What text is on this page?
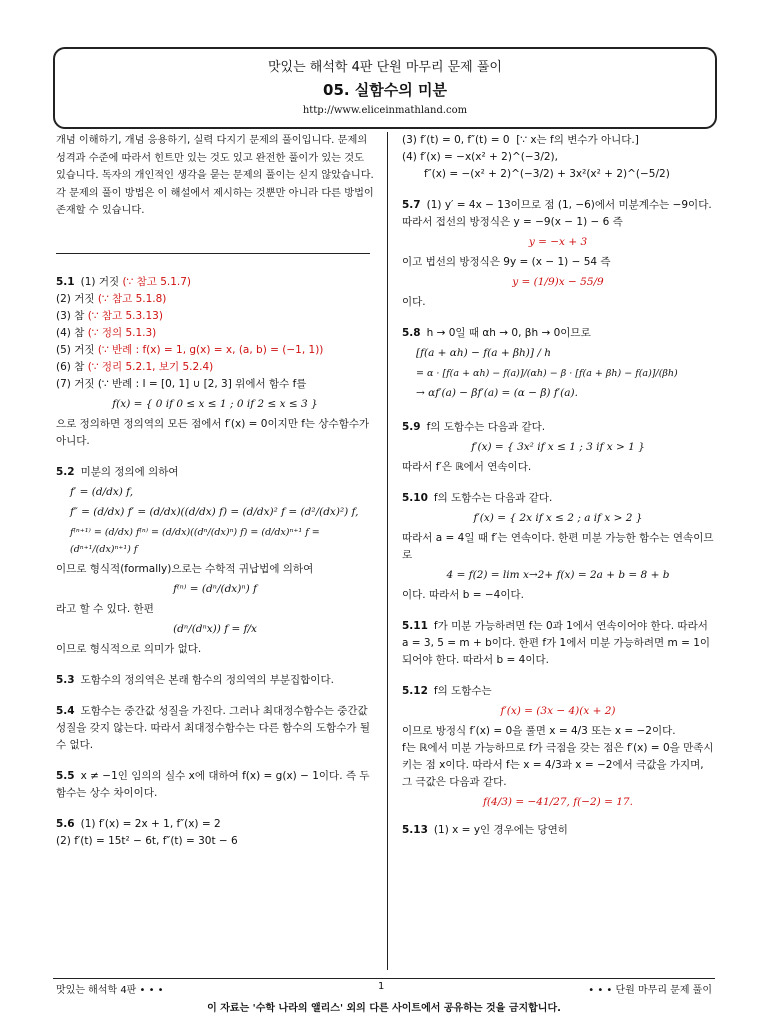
맛있는 해석학 4판 단원 마무리 문제 풀이
05. 실함수의 미분
http://www.eliceinmathland.com
개념 이해하기, 개념 응용하기, 실력 다지기 문제의 풀이입니다. 문제의 성격과 수준에 따라서 힌트만 있는 것도 있고 완전한 풀이가 있는 것도 있습니다. 독자의 개인적인 생각을 묻는 문제의 풀이는 싣지 않았습니다. 각 문제의 풀이 방법은 이 해설에서 제시하는 것뿐만 아니라 다른 방법이 존재할 수 있습니다.
5.1 (1) 거짓 (∵ 참고 5.1.7)
(2) 거짓 (∵ 참고 5.1.8)
(3) 참 (∵ 참고 5.3.13)
(4) 참 (∵ 정의 5.1.3)
(5) 거짓 (∵ 반례 : f(x) = 1, g(x) = x, (a, b) = (−1, 1))
(6) 참 (∵ 정리 5.2.1, 보기 5.2.4)
(7) 거짓 (∵ 반례 : I = [0, 1] ∪ [2, 3] 위에서 함수 f를
f(x) = { 0 if 0 ≤ x ≤ 1 ; 0 if 2 ≤ x ≤ 3 }
으로 정의하면 정의역의 모든 점에서 f′(x) = 0이지만 f는 상수함수가 아니다.
5.2 미분의 정의에 의하여
f′ = (d/dx) f,
f″ = (d/dx) f′ = (d/dx)((d/dx) f) = (d/dx)² f = (d²/(dx)²) f,
f⁽ⁿ⁺¹⁾ = (d/dx) f⁽ⁿ⁾ = (d/dx)((dⁿ/(dx)ⁿ) f) = (d/dx)ⁿ⁺¹ f = (dⁿ⁺¹/(dx)ⁿ⁺¹) f
이므로 형식적(formally)으로는 수학적 귀납법에 의하여
f⁽ⁿ⁾ = (dⁿ/(dx)ⁿ) f
라고 할 수 있다. 한편
(dⁿ/(dⁿx)) f = f/x
이므로 형식적으로 의미가 없다.
5.3 도함수의 정의역은 본래 함수의 정의역의 부분집합이다.
5.4 도함수는 중간값 성질을 가진다. 그러나 최대정수함수는 중간값 성질을 갖지 않는다. 따라서 최대정수함수는 다른 함수의 도함수가 될 수 없다.
5.5 x ≠ −1인 임의의 실수 x에 대하여 f(x) = g(x) − 1이다. 즉 두 함수는 상수 차이이다.
5.6 (1) f′(x) = 2x + 1, f″(x) = 2
(2) f′(t) = 15t² − 6t, f″(t) = 30t − 6
(3) f′(t) = 0, f″(t) = 0 [∵ x는 f의 변수가 아니다.]
(4) f′(x) = −x(x² + 2)^(−3/2),
f″(x) = −(x² + 2)^(−3/2) + 3x²(x² + 2)^(−5/2)
5.7 (1) y′ = 4x − 13이므로 점 (1, −6)에서 미분계수는 −9이다. 따라서 접선의 방정식은 y = −9(x − 1) − 6 즉
y = −x + 3
이고 법선의 방정식은 9y = (x − 1) − 54 즉
y = (1/9)x − 55/9
이다.
5.8 h → 0일 때 αh → 0, βh → 0이므로
[f(a + αh) − f(a + βh)] / h
= α · [f(a + αh) − f(a)]/(αh) − β · [f(a + βh) − f(a)]/(βh)
→ αf′(a) − βf′(a) = (α − β) f′(a).
5.9 f의 도함수는 다음과 같다.
f′(x) = { 3x² if x ≤ 1 ; 3 if x > 1 }
따라서 f′은 ℝ에서 연속이다.
5.10 f의 도함수는 다음과 같다.
f′(x) = { 2x if x ≤ 2 ; a if x > 2 }
따라서 a = 4일 때 f′는 연속이다. 한편 미분 가능한 함수는 연속이므로
4 = f(2) = lim x→2+ f(x) = 2a + b = 8 + b
이다. 따라서 b = −4이다.
5.11 f가 미분 가능하려면 f는 0과 1에서 연속이어야 한다. 따라서 a = 3, 5 = m + b이다. 한편 f가 1에서 미분 가능하려면 m = 1이 되어야 한다. 따라서 b = 4이다.
5.12 f의 도함수는
f′(x) = (3x − 4)(x + 2)
이므로 방정식 f′(x) = 0을 풀면 x = 4/3 또는 x = −2이다.
f는 ℝ에서 미분 가능하므로 f가 극점을 갖는 점은 f′(x) = 0을 만족시키는 점 x이다. 따라서 f는 x = 4/3과 x = −2에서 극값을 가지며, 그 극값은 다음과 같다.
f(4/3) = −41/27, f(−2) = 17.
5.13 (1) x = y인 경우에는 당연히
맛있는 해석학 4판 • • •	1	• • • 단원 마무리 문제 풀이
이 자료는 '수학 나라의 앨리스' 외의 다른 사이트에서 공유하는 것을 금지합니다.
